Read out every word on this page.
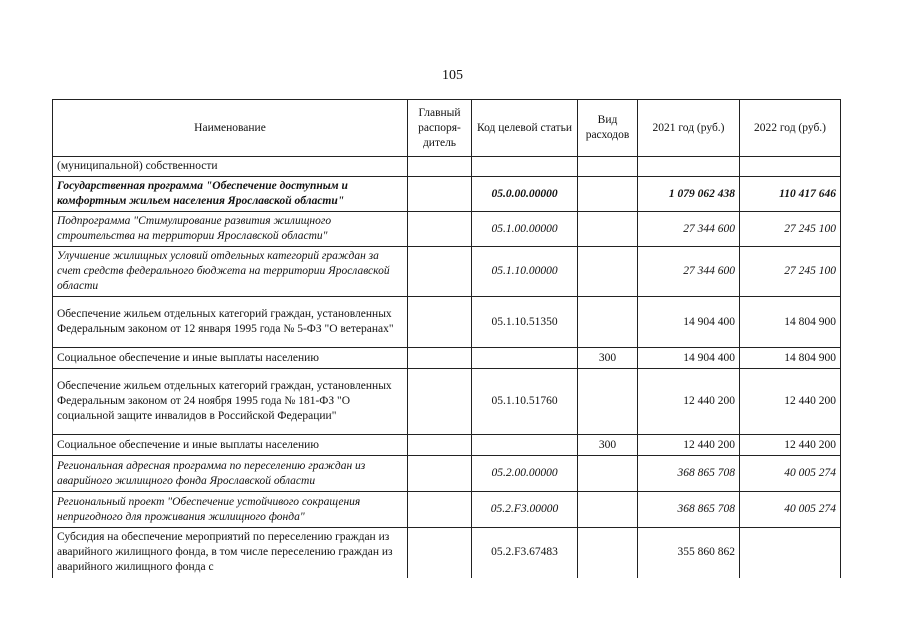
105
Наименование	Главный распоря-дитель	Код целевой статьи	Вид расходов	2021 год (руб.)	2022 год (руб.)
(муниципальной) собственности					
Государственная программа "Обеспечение доступным и комфортным жильем населения Ярославской области"		05.0.00.00000		1 079 062 438	110 417 646
Подпрограмма "Стимулирование развития жилищного строительства на территории Ярославской области"		05.1.00.00000		27 344 600	27 245 100
Улучшение жилищных условий отдельных категорий граждан за счет средств федерального бюджета на территории Ярославской области		05.1.10.00000		27 344 600	27 245 100
Обеспечение жильем отдельных категорий граждан, установленных Федеральным законом от 12 января 1995 года № 5-ФЗ "О ветеранах"		05.1.10.51350		14 904 400	14 804 900
Социальное обеспечение и иные выплаты населению			300	14 904 400	14 804 900
Обеспечение жильем отдельных категорий граждан, установленных Федеральным законом от 24 ноября 1995 года № 181-ФЗ "О социальной защите инвалидов в Российской Федерации"		05.1.10.51760		12 440 200	12 440 200
Социальное обеспечение и иные выплаты населению			300	12 440 200	12 440 200
Региональная адресная программа по переселению граждан из аварийного жилищного фонда Ярославской области		05.2.00.00000		368 865 708	40 005 274
Региональный проект "Обеспечение устойчивого сокращения непригодного для проживания жилищного фонда"		05.2.F3.00000		368 865 708	40 005 274
Субсидия на обеспечение мероприятий по переселению граждан из аварийного жилищного фонда, в том числе переселению граждан из аварийного жилищного фонда с		05.2.F3.67483		355 860 862	
